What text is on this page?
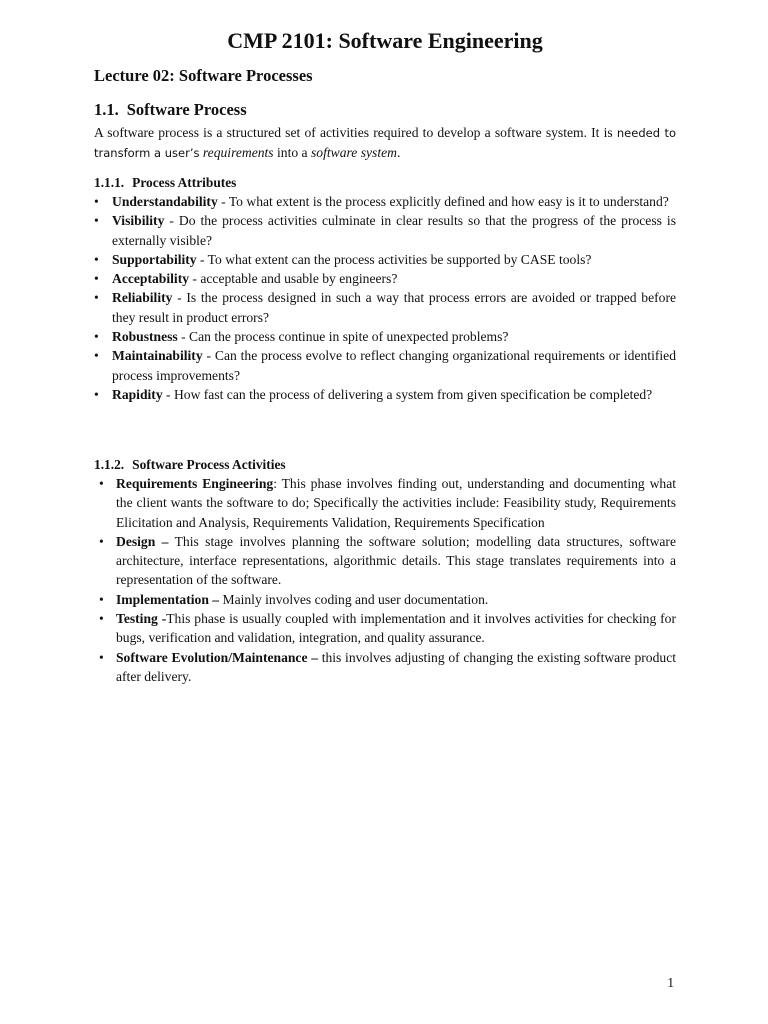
CMP 2101: Software Engineering
Lecture 02: Software Processes
1.1. Software Process

A software process is a structured set of activities required to develop a software system. It is needed to transform a user’s requirements into a software system.

1.1.1. Process Attributes
• Understandability - To what extent is the process explicitly defined and how easy is it to understand?
• Visibility - Do the process activities culminate in clear results so that the progress of the process is externally visible?
• Supportability - To what extent can the process activities be supported by CASE tools?
• Acceptability - acceptable and usable by engineers?
• Reliability - Is the process designed in such a way that process errors are avoided or trapped before they result in product errors?
• Robustness - Can the process continue in spite of unexpected problems?
• Maintainability - Can the process evolve to reflect changing organizational requirements or identified process improvements?
• Rapidity - How fast can the process of delivering a system from given specification be completed?
1.1.2. Software Process Activities
• Requirements Engineering: This phase involves finding out, understanding and documenting what the client wants the software to do; Specifically the activities include: Feasibility study, Requirements Elicitation and Analysis, Requirements Validation, Requirements Specification
• Design – This stage involves planning the software solution; modelling data structures, software architecture, interface representations, algorithmic details. This stage translates requirements into a representation of the software.
• Implementation – Mainly involves coding and user documentation.
• Testing -This phase is usually coupled with implementation and it involves activities for checking for bugs, verification and validation, integration, and quality assurance.
• Software Evolution/Maintenance – this involves adjusting of changing the existing software product after delivery.
1
